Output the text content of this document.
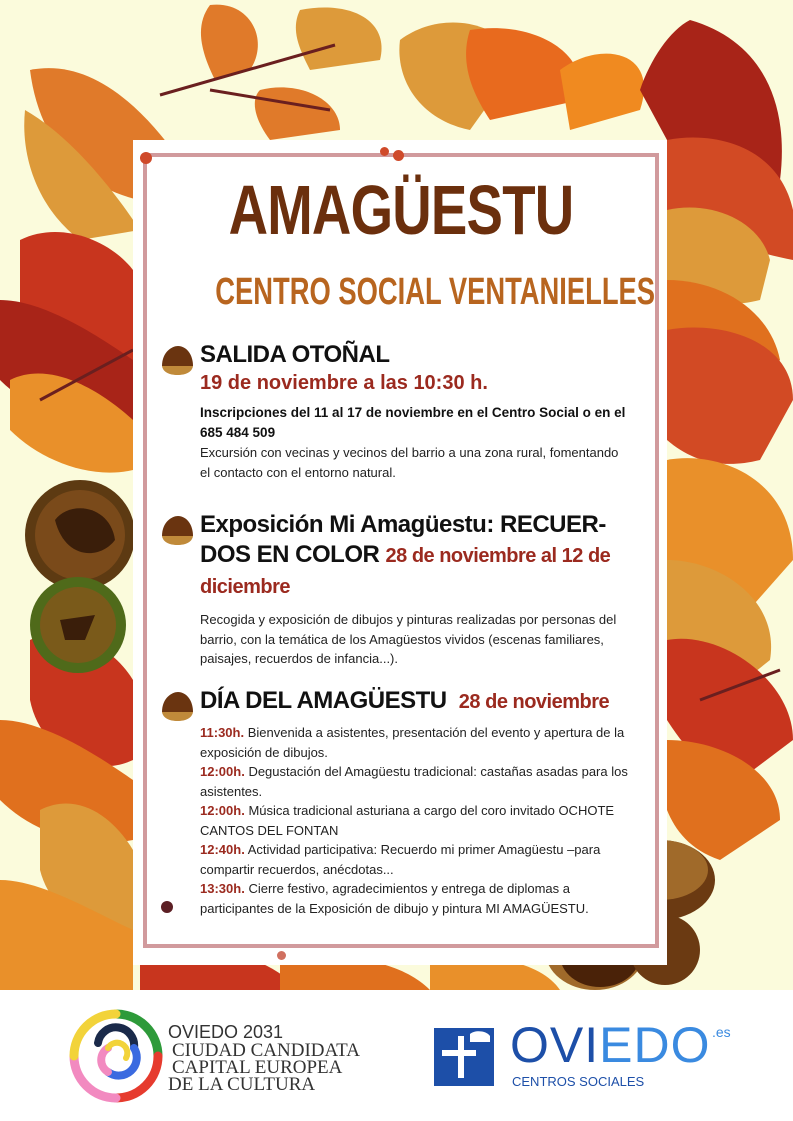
AMAGÜESTU
CENTRO SOCIAL VENTANIELLES
SALIDA OTOÑAL
19 de noviembre a las 10:30 h.
Inscripciones del 11 al 17 de noviembre en el Centro Social o en el 685 484 509
Excursión con vecinas y vecinos del barrio a una zona rural, fomentando el contacto con el entorno natural.
Exposición Mi Amagüestu: RECUER-DOS EN COLOR 28 de noviembre al 12 de diciembre
Recogida y exposición de dibujos y pinturas realizadas por personas del barrio, con la temática de los Amagüestos vividos (escenas familiares, paisajes, recuerdos de infancia...).
DÍA DEL AMAGÜESTU 28 de noviembre
11:30h. Bienvenida a asistentes, presentación del evento y apertura de la exposición de dibujos.
12:00h. Degustación del Amagüestu tradicional: castañas asadas para los asistentes.
12:00h. Música tradicional asturiana a cargo del coro invitado OCHOTE CANTOS DEL FONTAN
12:40h. Actividad participativa: Recuerdo mi primer Amagüestu –para compartir recuerdos, anécdotas...
13:30h. Cierre festivo, agradecimientos y entrega de diplomas a participantes de la Exposición de dibujo y pintura MI AMAGÜESTU.
OVIEDO 2031
CIUDAD CANDIDATA
CAPITAL EUROPEA
DE LA CULTURA
OVIEDO .es
CENTROS SOCIALES
